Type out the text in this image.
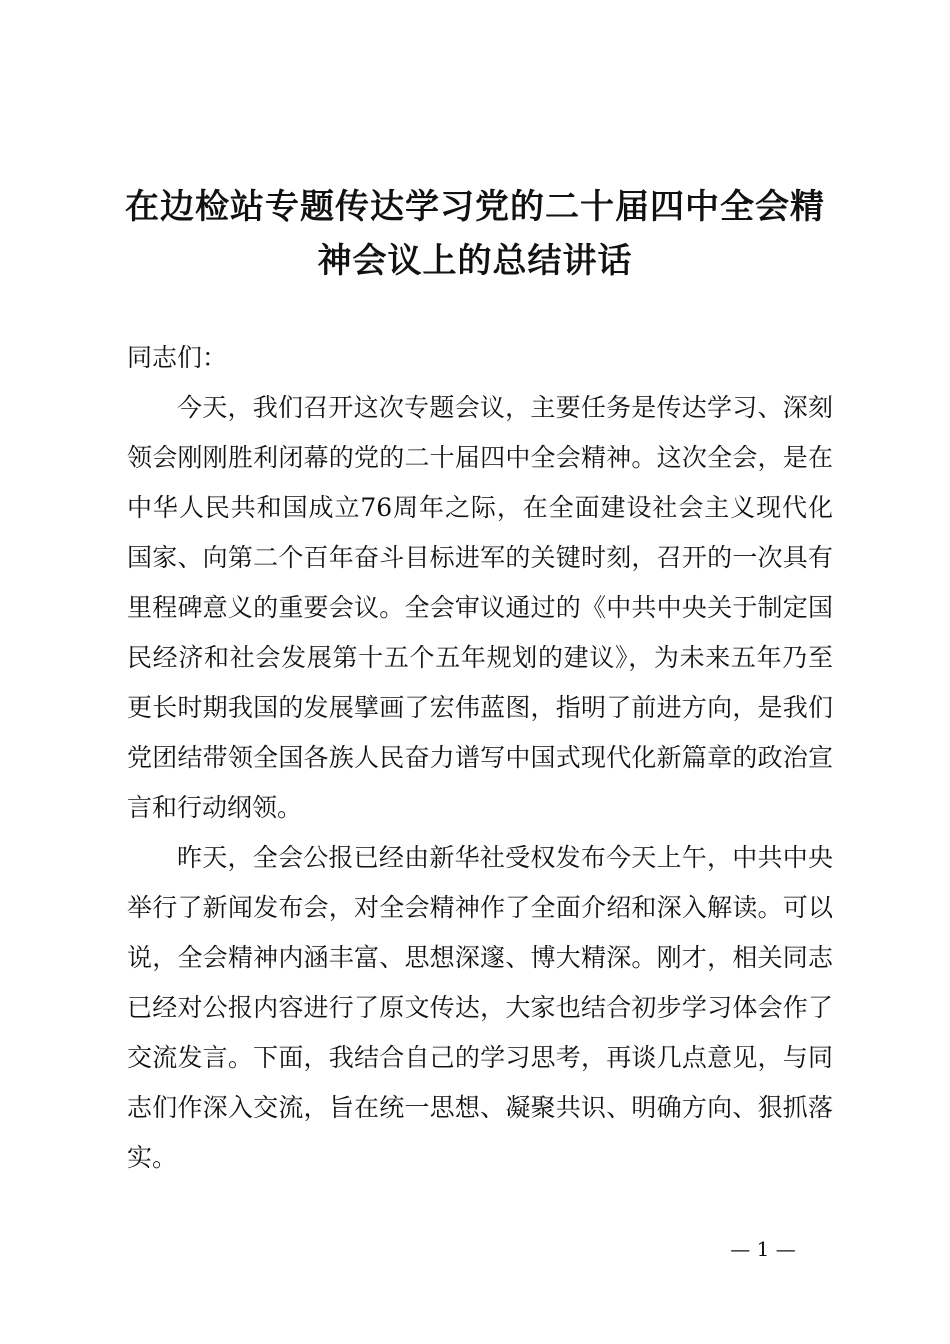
在边检站专题传达学习党的二十届四中全会精
神会议上的总结讲话

同志们：

今天，我们召开这次专题会议，主要任务是传达学习、深刻领会刚刚胜利闭幕的党的二十届四中全会精神。这次全会，是在中华人民共和国成立76周年之际，在全面建设社会主义现代化国家、向第二个百年奋斗目标进军的关键时刻，召开的一次具有里程碑意义的重要会议。全会审议通过的《中共中央关于制定国民经济和社会发展第十五个五年规划的建议》，为未来五年乃至更长时期我国的发展擘画了宏伟蓝图，指明了前进方向，是我们党团结带领全国各族人民奋力谱写中国式现代化新篇章的政治宣言和行动纲领。

昨天，全会公报已经由新华社受权发布今天上午，中共中央举行了新闻发布会，对全会精神作了全面介绍和深入解读。可以说，全会精神内涵丰富、思想深邃、博大精深。刚才，相关同志已经对公报内容进行了原文传达，大家也结合初步学习体会作了交流发言。下面，我结合自己的学习思考，再谈几点意见，与同志们作深入交流，旨在统一思想、凝聚共识、明确方向、狠抓落实。

— 1 —
